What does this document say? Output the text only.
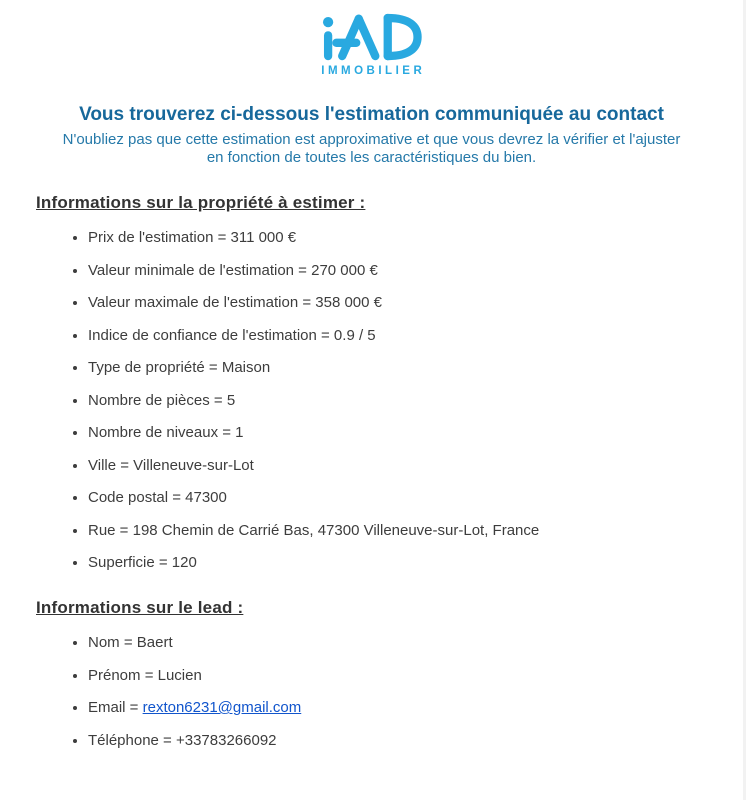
IMMOBILIER
Vous trouverez ci-dessous l'estimation communiquée au contact
N'oubliez pas que cette estimation est approximative et que vous devrez la vérifier et l'ajuster
en fonction de toutes les caractéristiques du bien.
Informations sur la propriété à estimer :
• Prix de l'estimation = 311 000 €
• Valeur minimale de l'estimation = 270 000 €
• Valeur maximale de l'estimation = 358 000 €
• Indice de confiance de l'estimation = 0.9 / 5
• Type de propriété = Maison
• Nombre de pièces = 5
• Nombre de niveaux = 1
• Ville = Villeneuve-sur-Lot
• Code postal = 47300
• Rue = 198 Chemin de Carrié Bas, 47300 Villeneuve-sur-Lot, France
• Superficie = 120
Informations sur le lead :
• Nom = Baert
• Prénom = Lucien
• Email = rexton6231@gmail.com
• Téléphone = +33783266092
